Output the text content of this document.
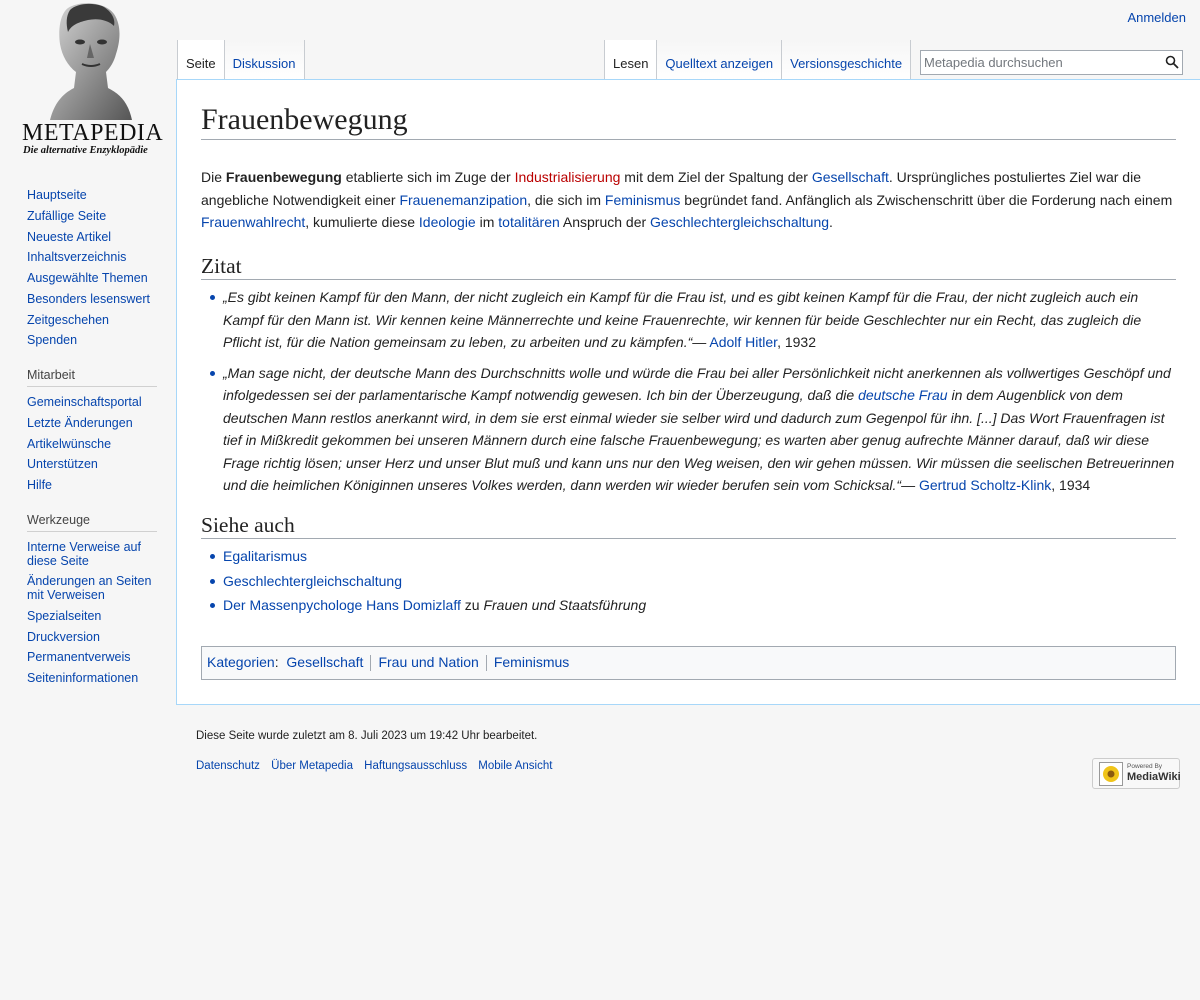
Anmelden
METAPEDIA
Die alternative Enzyklopädie
Hauptseite
Zufällige Seite
Neueste Artikel
Inhaltsverzeichnis
Ausgewählte Themen
Besonders lesenswert
Zeitgeschehen
Spenden
Mitarbeit
Gemeinschaftsportal
Letzte Änderungen
Artikelwünsche
Unterstützen
Hilfe
Werkzeuge
Interne Verweise auf diese Seite
Änderungen an Seiten mit Verweisen
Spezialseiten
Druckversion
Permanentverweis
Seiteninformationen
Seite	Diskussion	Lesen	Quelltext anzeigen	Versionsgeschichte
Metapedia durchsuchen
Frauenbewegung

Die Frauenbewegung etablierte sich im Zuge der Industrialisierung mit dem Ziel der Spaltung der Gesellschaft. Ursprüngliches postuliertes Ziel war die angebliche Notwendigkeit einer Frauenemanzipation, die sich im Feminismus begründet fand. Anfänglich als Zwischenschritt über die Forderung nach einem Frauenwahlrecht, kumulierte diese Ideologie im totalitären Anspruch der Geschlechtergleichschaltung.

Zitat
„Es gibt keinen Kampf für den Mann, der nicht zugleich ein Kampf für die Frau ist, und es gibt keinen Kampf für die Frau, der nicht zugleich auch ein Kampf für den Mann ist. Wir kennen keine Männerrechte und keine Frauenrechte, wir kennen für beide Geschlechter nur ein Recht, das zugleich die Pflicht ist, für die Nation gemeinsam zu leben, zu arbeiten und zu kämpfen.“— Adolf Hitler, 1932
„Man sage nicht, der deutsche Mann des Durchschnitts wolle und würde die Frau bei aller Persönlichkeit nicht anerkennen als vollwertiges Geschöpf und infolgedessen sei der parlamentarische Kampf notwendig gewesen. Ich bin der Überzeugung, daß die deutsche Frau in dem Augenblick von dem deutschen Mann restlos anerkannt wird, in dem sie erst einmal wieder sie selber wird und dadurch zum Gegenpol für ihn. [...] Das Wort Frauenfragen ist tief in Mißkredit gekommen bei unseren Männern durch eine falsche Frauenbewegung; es warten aber genug aufrechte Männer darauf, daß wir diese Frage richtig lösen; unser Herz und unser Blut muß und kann uns nur den Weg weisen, den wir gehen müssen. Wir müssen die seelischen Betreuerinnen und die heimlichen Königinnen unseres Volkes werden, dann werden wir wieder berufen sein vom Schicksal.“— Gertrud Scholtz-Klink, 1934
Siehe auch
Egalitarismus
Geschlechtergleichschaltung
Der Massenpychologe Hans Domizlaff zu Frauen und Staatsführung
Kategorien: Gesellschaft Frau und Nation Feminismus
Diese Seite wurde zuletzt am 8. Juli 2023 um 19:42 Uhr bearbeitet.
Datenschutz Über Metapedia Haftungsausschluss Mobile Ansicht	Powered By
MediaWiki
